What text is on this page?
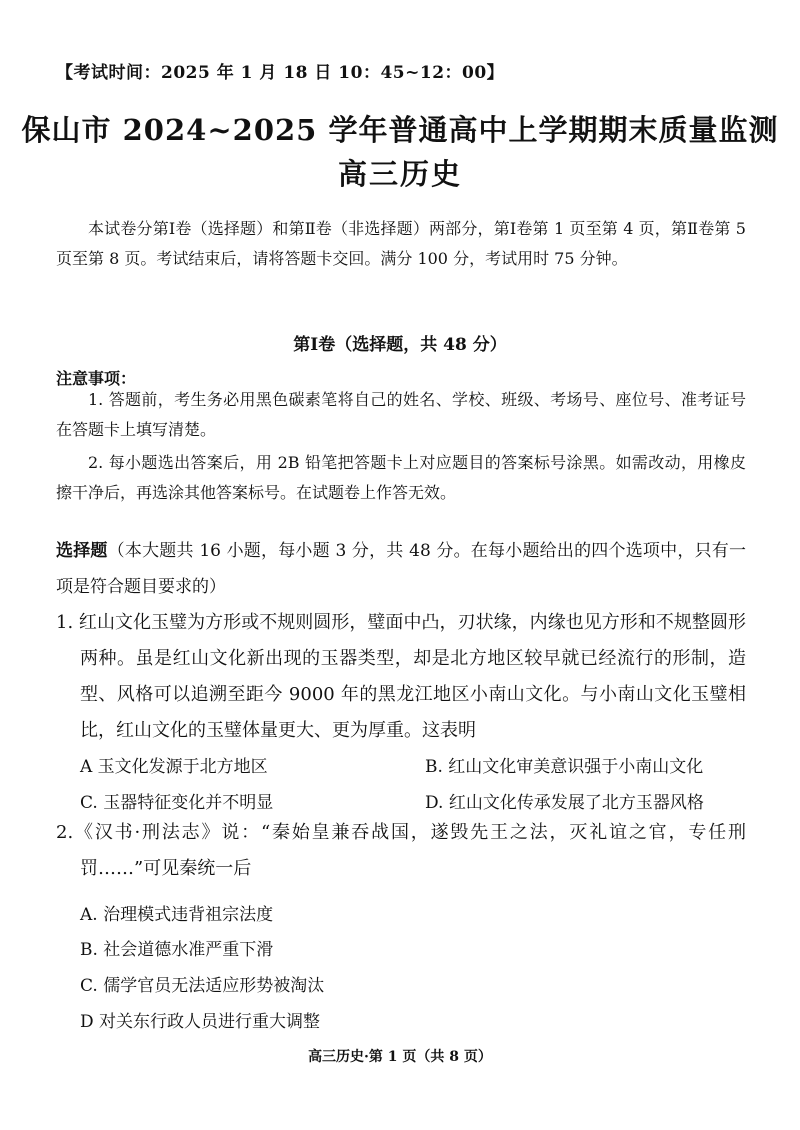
【考试时间：2025 年 1 月 18 日 10：45~12：00】
保山市 2024~2025 学年普通高中上学期期末质量监测
高三历史
本试卷分第Ⅰ卷（选择题）和第Ⅱ卷（非选择题）两部分，第Ⅰ卷第 1 页至第 4 页，第Ⅱ卷第 5 页至第 8 页。考试结束后，请将答题卡交回。满分 100 分，考试用时 75 分钟。
第Ⅰ卷（选择题，共 48 分）
注意事项：
1. 答题前，考生务必用黑色碳素笔将自己的姓名、学校、班级、考场号、座位号、准考证号在答题卡上填写清楚。
2. 每小题选出答案后，用 2B 铅笔把答题卡上对应题目的答案标号涂黑。如需改动，用橡皮擦干净后，再选涂其他答案标号。在试题卷上作答无效。
选择题（本大题共 16 小题，每小题 3 分，共 48 分。在每小题给出的四个选项中，只有一项是符合题目要求的）
1. 红山文化玉璧为方形或不规则圆形，璧面中凸，刃状缘，内缘也见方形和不规整圆形两种。虽是红山文化新出现的玉器类型，却是北方地区较早就已经流行的形制，造型、风格可以追溯至距今 9000 年的黑龙江地区小南山文化。与小南山文化玉璧相比，红山文化的玉璧体量更大、更为厚重。这表明
A 玉文化发源于北方地区	B. 红山文化审美意识强于小南山文化
C. 玉器特征变化并不明显	D. 红山文化传承发展了北方玉器风格
2.《汉书·刑法志》说：“秦始皇兼吞战国，遂毁先王之法，灭礼谊之官，专任刑罚……”可见秦统一后
A. 治理模式违背祖宗法度
B. 社会道德水准严重下滑
C. 儒学官员无法适应形势被淘汰
D 对关东行政人员进行重大调整
高三历史·第 1 页（共 8 页）
